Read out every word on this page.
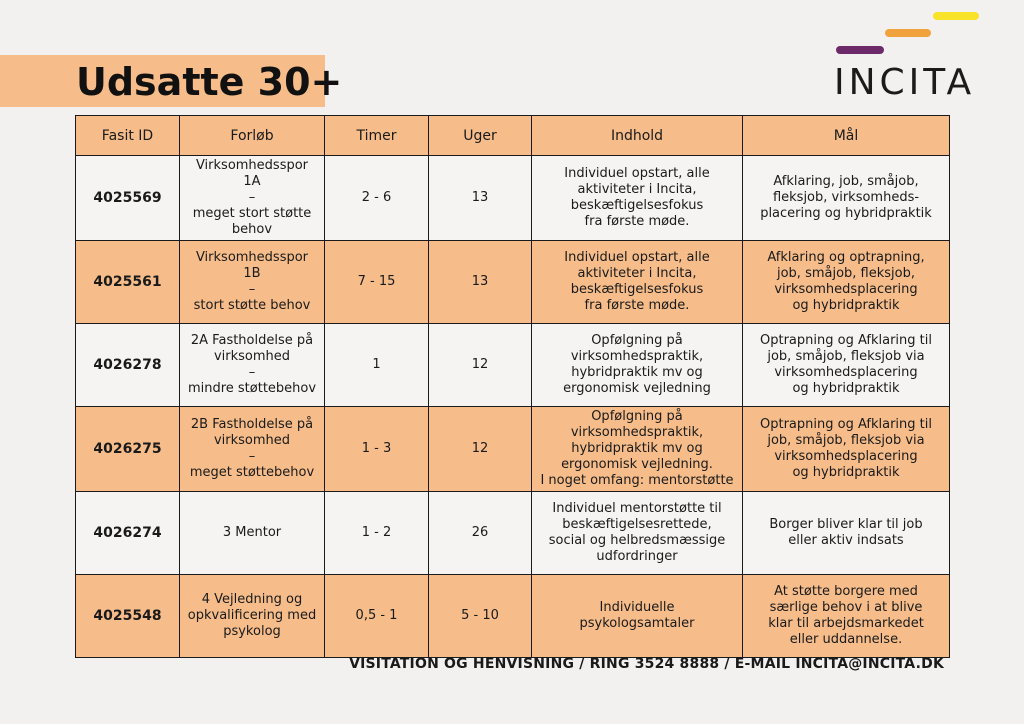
Udsatte 30+	INCITA
Fasit ID	Forløb	Timer	Uger	Indhold	Mål
4025569	Virksomhedsspor
1A
–
meget stort støtte
behov	2 - 6	13	Individuel opstart, alle
aktiviteter i Incita,
beskæftigelsesfokus
fra første møde.	Afklaring, job, småjob,
fleksjob, virksomheds-
placering og hybridpraktik
4025561	Virksomhedsspor
1B
–
stort støtte behov	7 - 15	13	Individuel opstart, alle
aktiviteter i Incita,
beskæftigelsesfokus
fra første møde.	Afklaring og optrapning,
job, småjob, fleksjob,
virksomhedsplacering
og hybridpraktik
4026278	2A Fastholdelse på
virksomhed
–
mindre støttebehov	1	12	Opfølgning på
virksomhedspraktik,
hybridpraktik mv og
ergonomisk vejledning	Optrapning og Afklaring til
job, småjob, fleksjob via
virksomhedsplacering
og hybridpraktik
4026275	2B Fastholdelse på
virksomhed
–
meget støttebehov	1 - 3	12	Opfølgning på
virksomhedspraktik,
hybridpraktik mv og
ergonomisk vejledning.
I noget omfang: mentorstøtte	Optrapning og Afklaring til
job, småjob, fleksjob via
virksomhedsplacering
og hybridpraktik
4026274	3 Mentor	1 - 2	26	Individuel mentorstøtte til
beskæftigelsesrettede,
social og helbredsmæssige
udfordringer	Borger bliver klar til job
eller aktiv indsats
4025548	4 Vejledning og
opkvalificering med
psykolog	0,5 - 1	5 - 10	Individuelle
psykologsamtaler	At støtte borgere med
særlige behov i at blive
klar til arbejdsmarkedet
eller uddannelse.
VISITATION OG HENVISNING / RING 3524 8888 / E-MAIL INCITA@INCITA.DK
